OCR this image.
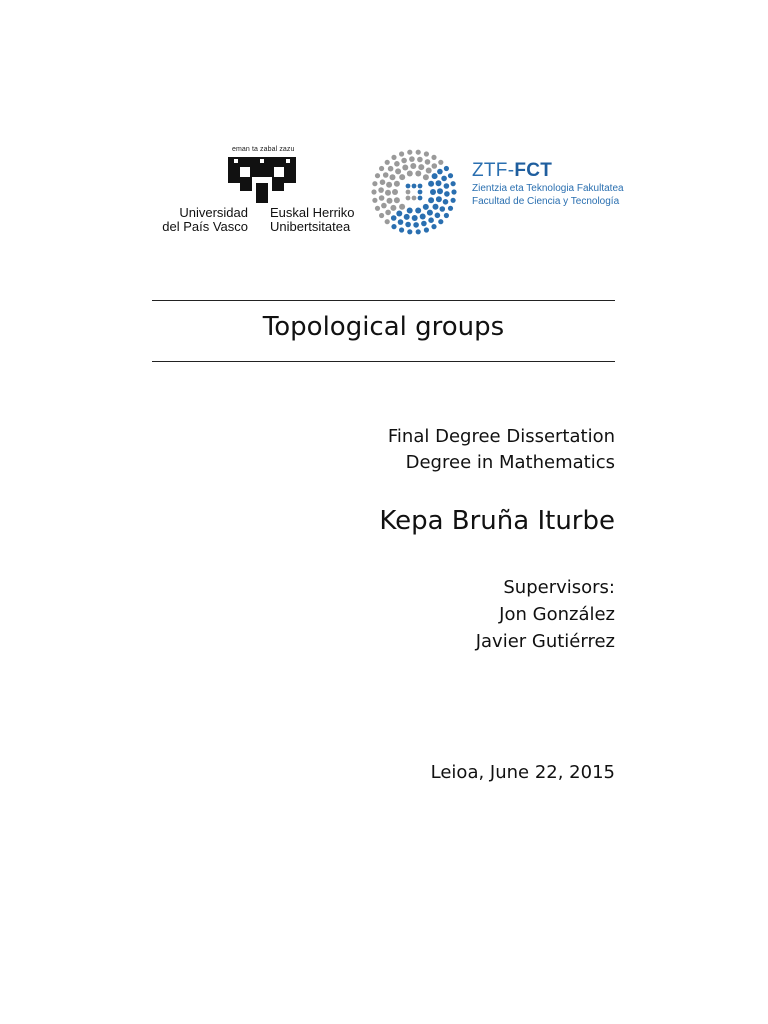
eman ta zabal zazu
Universidad
del País Vasco
Euskal Herriko
Unibertsitatea
ZTF-FCT
Zientzia eta Teknologia Fakultatea
Facultad de Ciencia y Tecnología
Topological groups
Final Degree Dissertation
Degree in Mathematics
Kepa Bruña Iturbe
Supervisors:
Jon González
Javier Gutiérrez
Leioa, June 22, 2015
